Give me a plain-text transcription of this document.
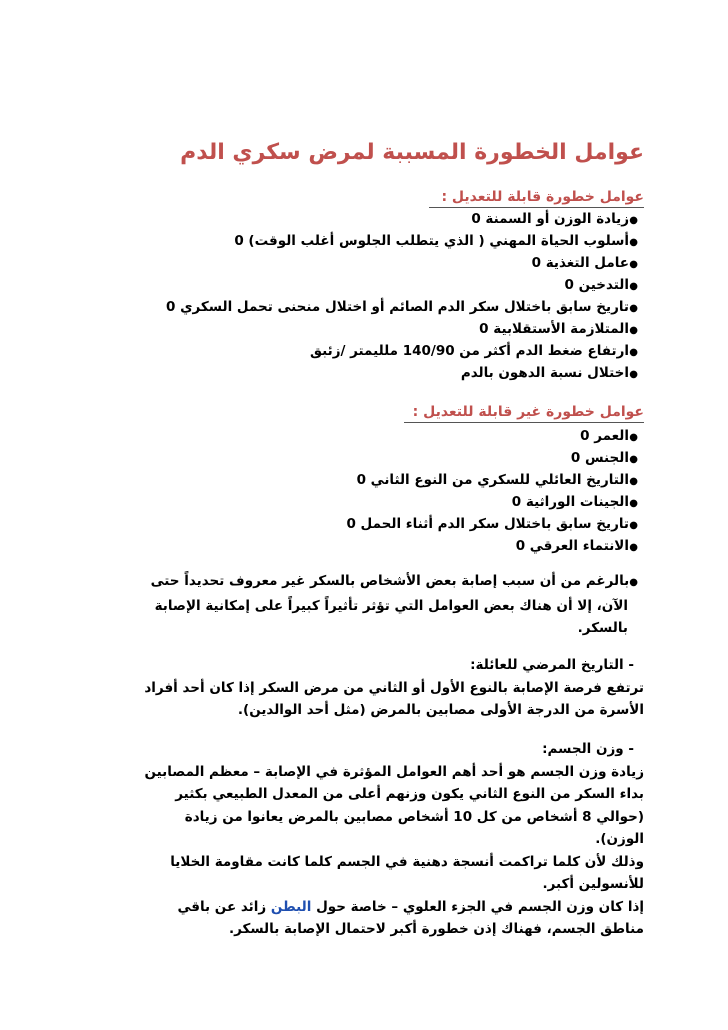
عوامل الخطورة المسببة لمرض سكري الدم
عوامل خطورة قابلة للتعديل :
●زيادة الوزن أو السمنة 0
●أسلوب الحياة المهني ( الذي يتطلب الجلوس أغلب الوقت) 0
●عامل التغذية 0
●التدخين 0
●تاريخ سابق باختلال سكر الدم الصائم أو اختلال منحنى تحمل السكري 0
●المتلازمة الأستقلابية 0
●ارتفاع ضغط الدم أكثر من 140/90 ملليمتر /زئبق
●اختلال نسبة الدهون بالدم
عوامل خطورة غير قابلة للتعديل :
●العمر 0
●الجنس 0
●التاريخ العائلي للسكري من النوع الثاني 0
●الجينات الوراثية 0
●تاريخ سابق باختلال سكر الدم أثناء الحمل 0
●الانتماء العرقي 0

●بالرغم من أن سبب إصابة بعض الأشخاص بالسكر غير معروف تحديداً حتى

الآن، إلا أن هناك بعض العوامل التي تؤثر تأثيراً كبيراً على إمكانية الإصابة

بالسكر.

- التاريخ المرضي للعائلة:

ترتفع فرصة الإصابة بالنوع الأول أو الثاني من مرض السكر إذا كان أحد أفراد

الأسرة من الدرجة الأولى مصابين بالمرض (مثل أحد الوالدين).

- وزن الجسم:

زيادة وزن الجسم هو أحد أهم العوامل المؤثرة في الإصابة – معظم المصابين

بداء السكر من النوع الثاني يكون وزنهم أعلى من المعدل الطبيعي بكثير

(حوالي 8 أشخاص من كل 10 أشخاص مصابين بالمرض يعانوا من زيادة

الوزن).

وذلك لأن كلما تراكمت أنسجة دهنية في الجسم كلما كانت مقاومة الخلايا

للأنسولين أكبر.

إذا كان وزن الجسم في الجزء العلوي – خاصة حول البطن زائد عن باقي

مناطق الجسم، فهناك إذن خطورة أكبر لاحتمال الإصابة بالسكر.
